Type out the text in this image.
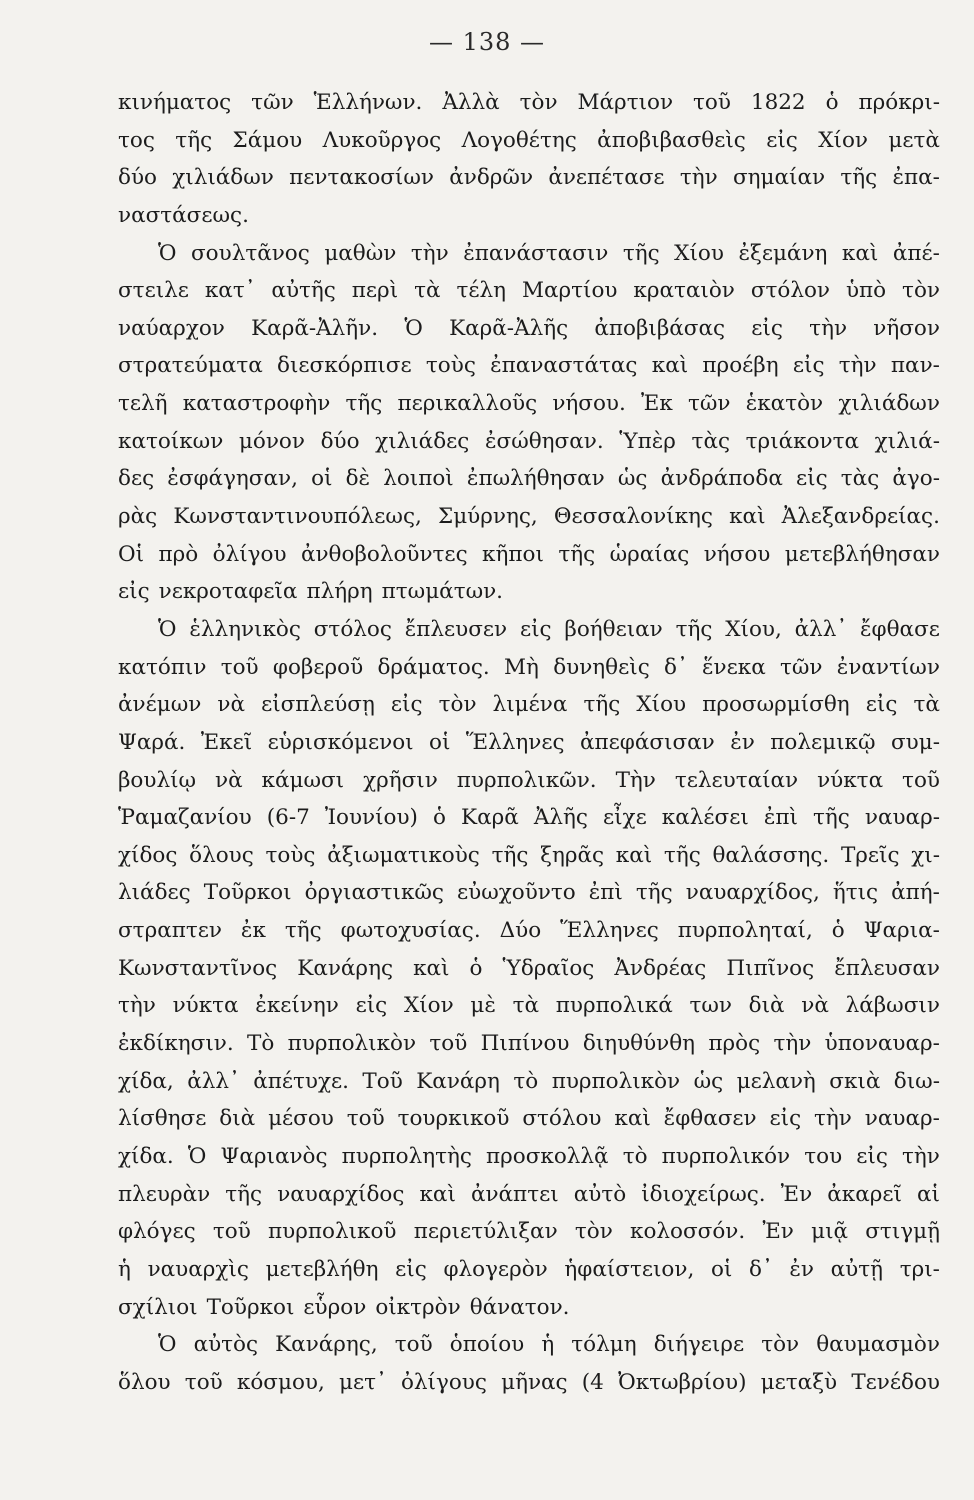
— 138 —
κινήματος τῶν Ἑλλήνων. Ἀλλὰ τὸν Μάρτιον τοῦ 1822 ὁ πρόκρι-
τος τῆς Σάμου Λυκοῦργος Λογοθέτης ἀποβιβασθεὶς εἰς Χίον μετὰ
δύο χιλιάδων πεντακοσίων ἀνδρῶν ἀνεπέτασε τὴν σημαίαν τῆς ἐπα-
ναστάσεως.
Ὁ σουλτᾶνος μαθὼν τὴν ἐπανάστασιν τῆς Χίου ἐξεμάνη καὶ ἀπέ-
στειλε κατ᾽ αὐτῆς περὶ τὰ τέλη Μαρτίου κραταιὸν στόλον ὑπὸ τὸν
ναύαρχον Καρᾶ-Ἀλῆν. Ὁ Καρᾶ-Ἀλῆς ἀποβιβάσας εἰς τὴν νῆσον
στρατεύματα διεσκόρπισε τοὺς ἐπαναστάτας καὶ προέβη εἰς τὴν παν-
τελῆ καταστροφὴν τῆς περικαλλοῦς νήσου. Ἐκ τῶν ἑκατὸν χιλιάδων
κατοίκων μόνον δύο χιλιάδες ἐσώθησαν. Ὑπὲρ τὰς τριάκοντα χιλιά-
δες ἐσφάγησαν, οἱ δὲ λοιποὶ ἐπωλήθησαν ὡς ἀνδράποδα εἰς τὰς ἀγο-
ρὰς Κωνσταντινουπόλεως, Σμύρνης, Θεσσαλονίκης καὶ Ἀλεξανδρείας.
Οἱ πρὸ ὀλίγου ἀνθοβολοῦντες κῆποι τῆς ὡραίας νήσου μετεβλήθησαν
εἰς νεκροταφεῖα πλήρη πτωμάτων.
Ὁ ἑλληνικὸς στόλος ἔπλευσεν εἰς βοήθειαν τῆς Χίου, ἀλλ᾽ ἔφθασε
κατόπιν τοῦ φοβεροῦ δράματος. Μὴ δυνηθεὶς δ᾽ ἕνεκα τῶν ἐναντίων
ἀνέμων νὰ εἰσπλεύσῃ εἰς τὸν λιμένα τῆς Χίου προσωρμίσθη εἰς τὰ
Ψαρά. Ἐκεῖ εὑρισκόμενοι οἱ Ἕλληνες ἀπεφάσισαν ἐν πολεμικῷ συμ-
βουλίῳ νὰ κάμωσι χρῆσιν πυρπολικῶν. Τὴν τελευταίαν νύκτα τοῦ
Ῥαμαζανίου (6-7 Ἰουνίου) ὁ Καρᾶ Ἀλῆς εἶχε καλέσει ἐπὶ τῆς ναυαρ-
χίδος ὅλους τοὺς ἀξιωματικοὺς τῆς ξηρᾶς καὶ τῆς θαλάσσης. Τρεῖς χι-
λιάδες Τοῦρκοι ὀργιαστικῶς εὐωχοῦντο ἐπὶ τῆς ναυαρχίδος, ἥτις ἀπή-
στραπτεν ἐκ τῆς φωτοχυσίας. Δύο Ἕλληνες πυρποληταί, ὁ Ψαρια-
Κωνσταντῖνος Κανάρης καὶ ὁ Ὑδραῖος Ἀνδρέας Πιπῖνος ἔπλευσαν
τὴν νύκτα ἐκείνην εἰς Χίον μὲ τὰ πυρπολικά των διὰ νὰ λάβωσιν
ἐκδίκησιν. Τὸ πυρπολικὸν τοῦ Πιπίνου διηυθύνθη πρὸς τὴν ὑποναυαρ-
χίδα, ἀλλ᾽ ἀπέτυχε. Τοῦ Κανάρη τὸ πυρπολικὸν ὡς μελανὴ σκιὰ διω-
λίσθησε διὰ μέσου τοῦ τουρκικοῦ στόλου καὶ ἔφθασεν εἰς τὴν ναυαρ-
χίδα. Ὁ Ψαριανὸς πυρπολητὴς προσκολλᾷ τὸ πυρπολικόν του εἰς τὴν
πλευρὰν τῆς ναυαρχίδος καὶ ἀνάπτει αὐτὸ ἰδιοχείρως. Ἐν ἀκαρεῖ αἱ
φλόγες τοῦ πυρπολικοῦ περιετύλιξαν τὸν κολοσσόν. Ἐν μιᾷ στιγμῇ
ἡ ναυαρχὶς μετεβλήθη εἰς φλογερὸν ἡφαίστειον, οἱ δ᾽ ἐν αὐτῇ τρι-
σχίλιοι Τοῦρκοι εὗρον οἰκτρὸν θάνατον.
Ὁ αὐτὸς Κανάρης, τοῦ ὁποίου ἡ τόλμη διήγειρε τὸν θαυμασμὸν
ὅλου τοῦ κόσμου, μετ᾽ ὀλίγους μῆνας (4 Ὀκτωβρίου) μεταξὺ Τενέδου
